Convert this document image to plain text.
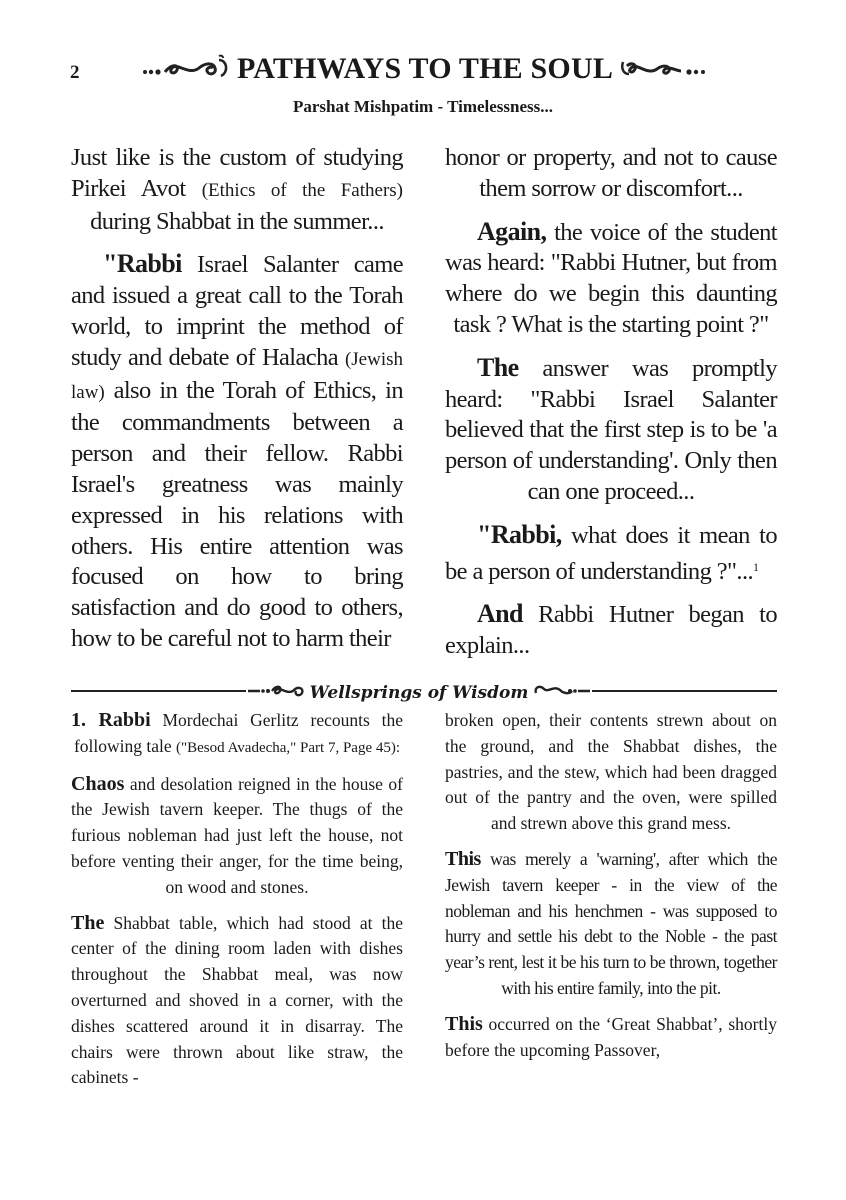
2	PATHWAYS TO THE SOUL
Parshat Mishpatim - Timelessness...

Just like is the custom of studying Pirkei Avot (Ethics of the Fathers) during Shabbat in the summer...

"Rabbi Israel Salanter came and issued a great call to the Torah world, to imprint the method of study and debate of Halacha (Jewish law) also in the Torah of Ethics, in the commandments between a person and their fellow. Rabbi Israel's greatness was mainly expressed in his relations with others. His entire attention was focused on how to bring satisfaction and do good to others, how to be careful not to harm their

honor or property, and not to cause them sorrow or discomfort...

Again, the voice of the student was heard: "Rabbi Hutner, but from where do we begin this daunting task ? What is the starting point ?"

The answer was promptly heard: "Rabbi Israel Salanter believed that the first step is to be 'a person of understanding'. Only then can one proceed...

"Rabbi, what does it mean to be a person of understanding ?"...$^1$

And Rabbi Hutner began to explain...

Wellsprings of Wisdom

1. Rabbi Mordechai Gerlitz recounts the following tale ("Besod Avadecha," Part 7, Page 45):

Chaos and desolation reigned in the house of the Jewish tavern keeper. The thugs of the furious nobleman had just left the house, not before venting their anger, for the time being, on wood and stones.

The Shabbat table, which had stood at the center of the dining room laden with dishes throughout the Shabbat meal, was now overturned and shoved in a corner, with the dishes scattered around it in disarray. The chairs were thrown about like straw, the cabinets -

broken open, their contents strewn about on the ground, and the Shabbat dishes, the pastries, and the stew, which had been dragged out of the pantry and the oven, were spilled and strewn above this grand mess.

This was merely a 'warning', after which the Jewish tavern keeper - in the view of the nobleman and his henchmen - was supposed to hurry and settle his debt to the Noble - the past year’s rent, lest it be his turn to be thrown, together with his entire family, into the pit.

This occurred on the ‘Great Shabbat’, shortly before the upcoming Passover,
